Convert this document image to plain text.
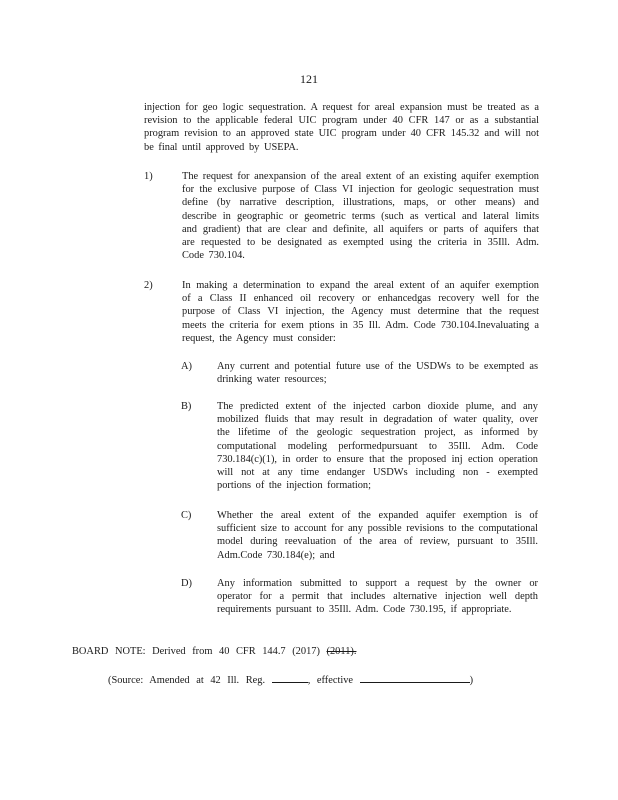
121
injection for geo logic sequestration. A request for areal expansion must be treated as a revision to the applicable federal UIC program under 40 CFR 147 or as a substantial program revision to an approved state UIC program under 40 CFR 145.32 and will not be final until approved by USEPA.
1)	The request for anexpansion of the areal extent of an existing aquifer exemption for the exclusive purpose of Class VI injection for geologic sequestration must define (by narrative description, illustrations, maps, or other means) and describe in geographic or geometric terms (such as vertical and lateral limits and gradient) that are clear and definite, all aquifers or parts of aquifers that are requested to be designated as exempted using the criteria in 35Ill. Adm. Code 730.104.
2)	In making a determination to expand the areal extent of an aquifer exemption of a Class II enhanced oil recovery or enhancedgas recovery well for the purpose of Class VI injection, the Agency must determine that the request meets the criteria for exem ptions in 35 Ill. Adm. Code 730.104.Inevaluating a request, the Agency must consider:
A) Any current and potential future use of the USDWs to be exempted as drinking water resources;
B) The predicted extent of the injected carbon dioxide plume, and any mobilized fluids that may result in degradation of water quality, over the lifetime of the geologic sequestration project, as informed by computational modeling performedpursuant to 35Ill. Adm. Code 730.184(c)(1), in order to ensure that the proposed inj ection operation will not at any time endanger USDWs including non - exempted portions of the injection formation;
C) Whether the areal extent of the expanded aquifer exemption is of sufficient size to account for any possible revisions to the computational model during reevaluation of the area of review, pursuant to 35Ill. Adm.Code 730.184(e); and
D) Any information submitted to support a request by the owner or operator for a permit that includes alternative injection well depth requirements pursuant to 35Ill. Adm. Code 730.195, if appropriate.
BOARD NOTE: Derived from 40 CFR 144.7 (2017) (2011).
(Source: Amended at 42 Ill. Reg.	, effective	)
